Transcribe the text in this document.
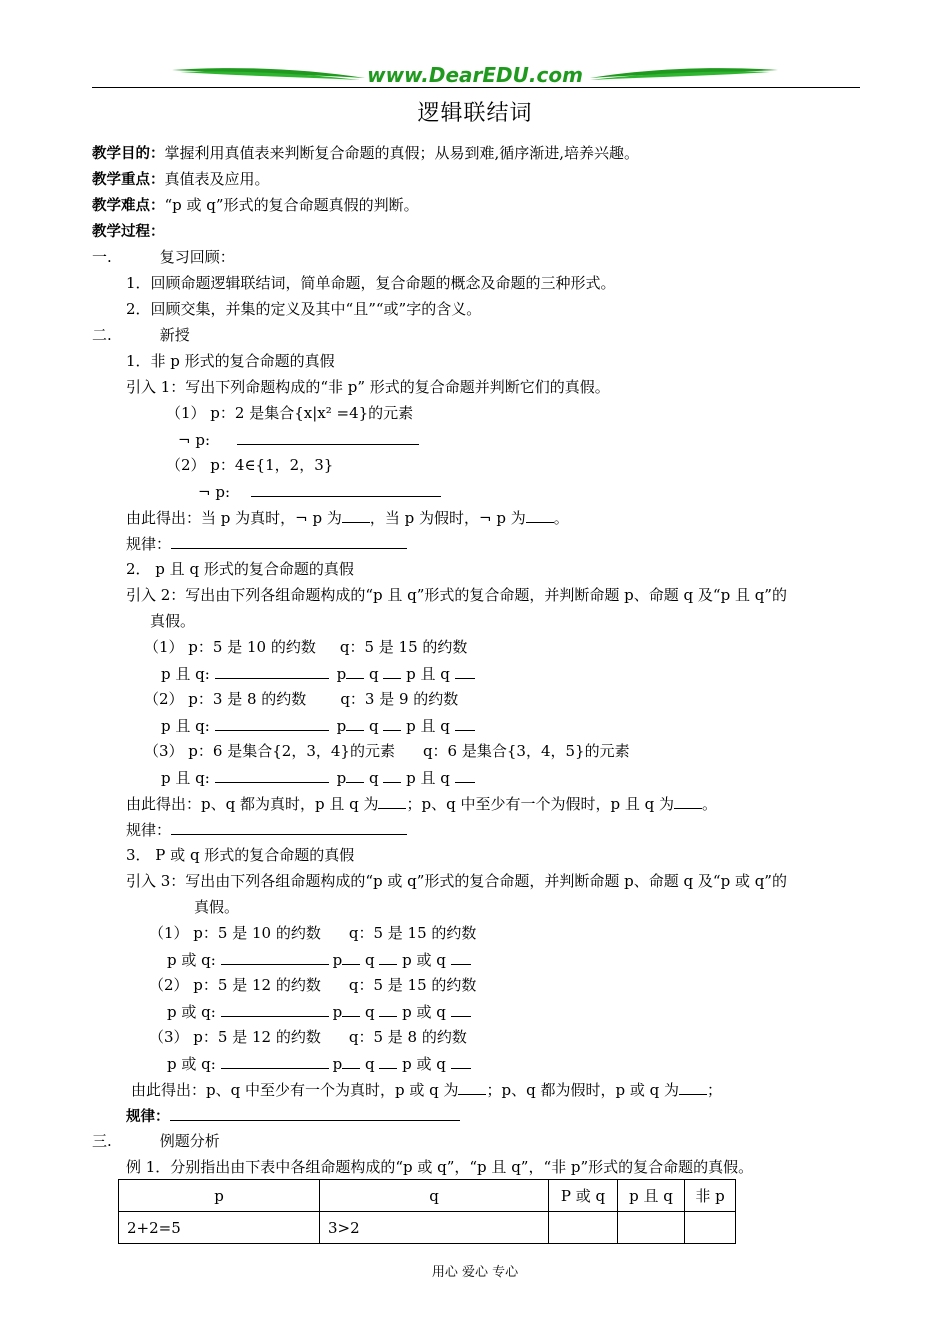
www.DearEDU.com
逻辑联结词
教学目的：掌握利用真值表来判断复合命题的真假；从易到难,循序渐进,培养兴趣。
教学重点：真值表及应用。
教学难点：“p 或 q”形式的复合命题真假的判断。
教学过程：
一.	复习回顾：
1．回顾命题逻辑联结词，简单命题，复合命题的概念及命题的三种形式。
2．回顾交集，并集的定义及其中“且”“或”字的含义。
二.	新授
1．非 p 形式的复合命题的真假
引入 1：写出下列命题构成的“非 p” 形式的复合命题并判断它们的真假。
（1） p：2 是集合{x|x² =4}的元素
¬ p:
（2） p：4∈{1，2，3}
¬ p:
由此得出：当 p 为真时，¬ p 为 ，当 p 为假时，¬ p 为 。
规律：
2． p 且 q 形式的复合命题的真假
引入 2：写出由下列各组命题构成的“p 且 q”形式的复合命题，并判断命题 p、命题 q 及“p 且 q”的
真假。
（1） p：5 是 10 的约数 q：5 是 15 的约数
p 且 q:	p q p 且 q
（2） p：3 是 8 的约数 q：3 是 9 的约数
p 且 q:	p q p 且 q
（3） p：6 是集合{2，3，4}的元素 q：6 是集合{3，4，5}的元素
p 且 q:	p q p 且 q
由此得出：p、q 都为真时，p 且 q 为 ；p、q 中至少有一个为假时，p 且 q 为 。
规律：
3． P 或 q 形式的复合命题的真假
引入 3：写出由下列各组命题构成的“p 或 q”形式的复合命题，并判断命题 p、命题 q 及“p 或 q”的
真假。
（1） p：5 是 10 的约数 q：5 是 15 的约数
p 或 q:	p q p 或 q
（2） p：5 是 12 的约数 q：5 是 15 的约数
p 或 q:	p q p 或 q
（3） p：5 是 12 的约数 q：5 是 8 的约数
p 或 q:	p q p 或 q
由此得出：p、q 中至少有一个为真时，p 或 q 为 ；p、q 都为假时，p 或 q 为 ；
规律：
三.	例题分析
例 1．分别指出由下表中各组命题构成的“p 或 q”，“p 且 q”，“非 p”形式的复合命题的真假。
p	q	P 或 q	p 且 q	非 p
2+2=5	3>2			
用心 爱心 专心
